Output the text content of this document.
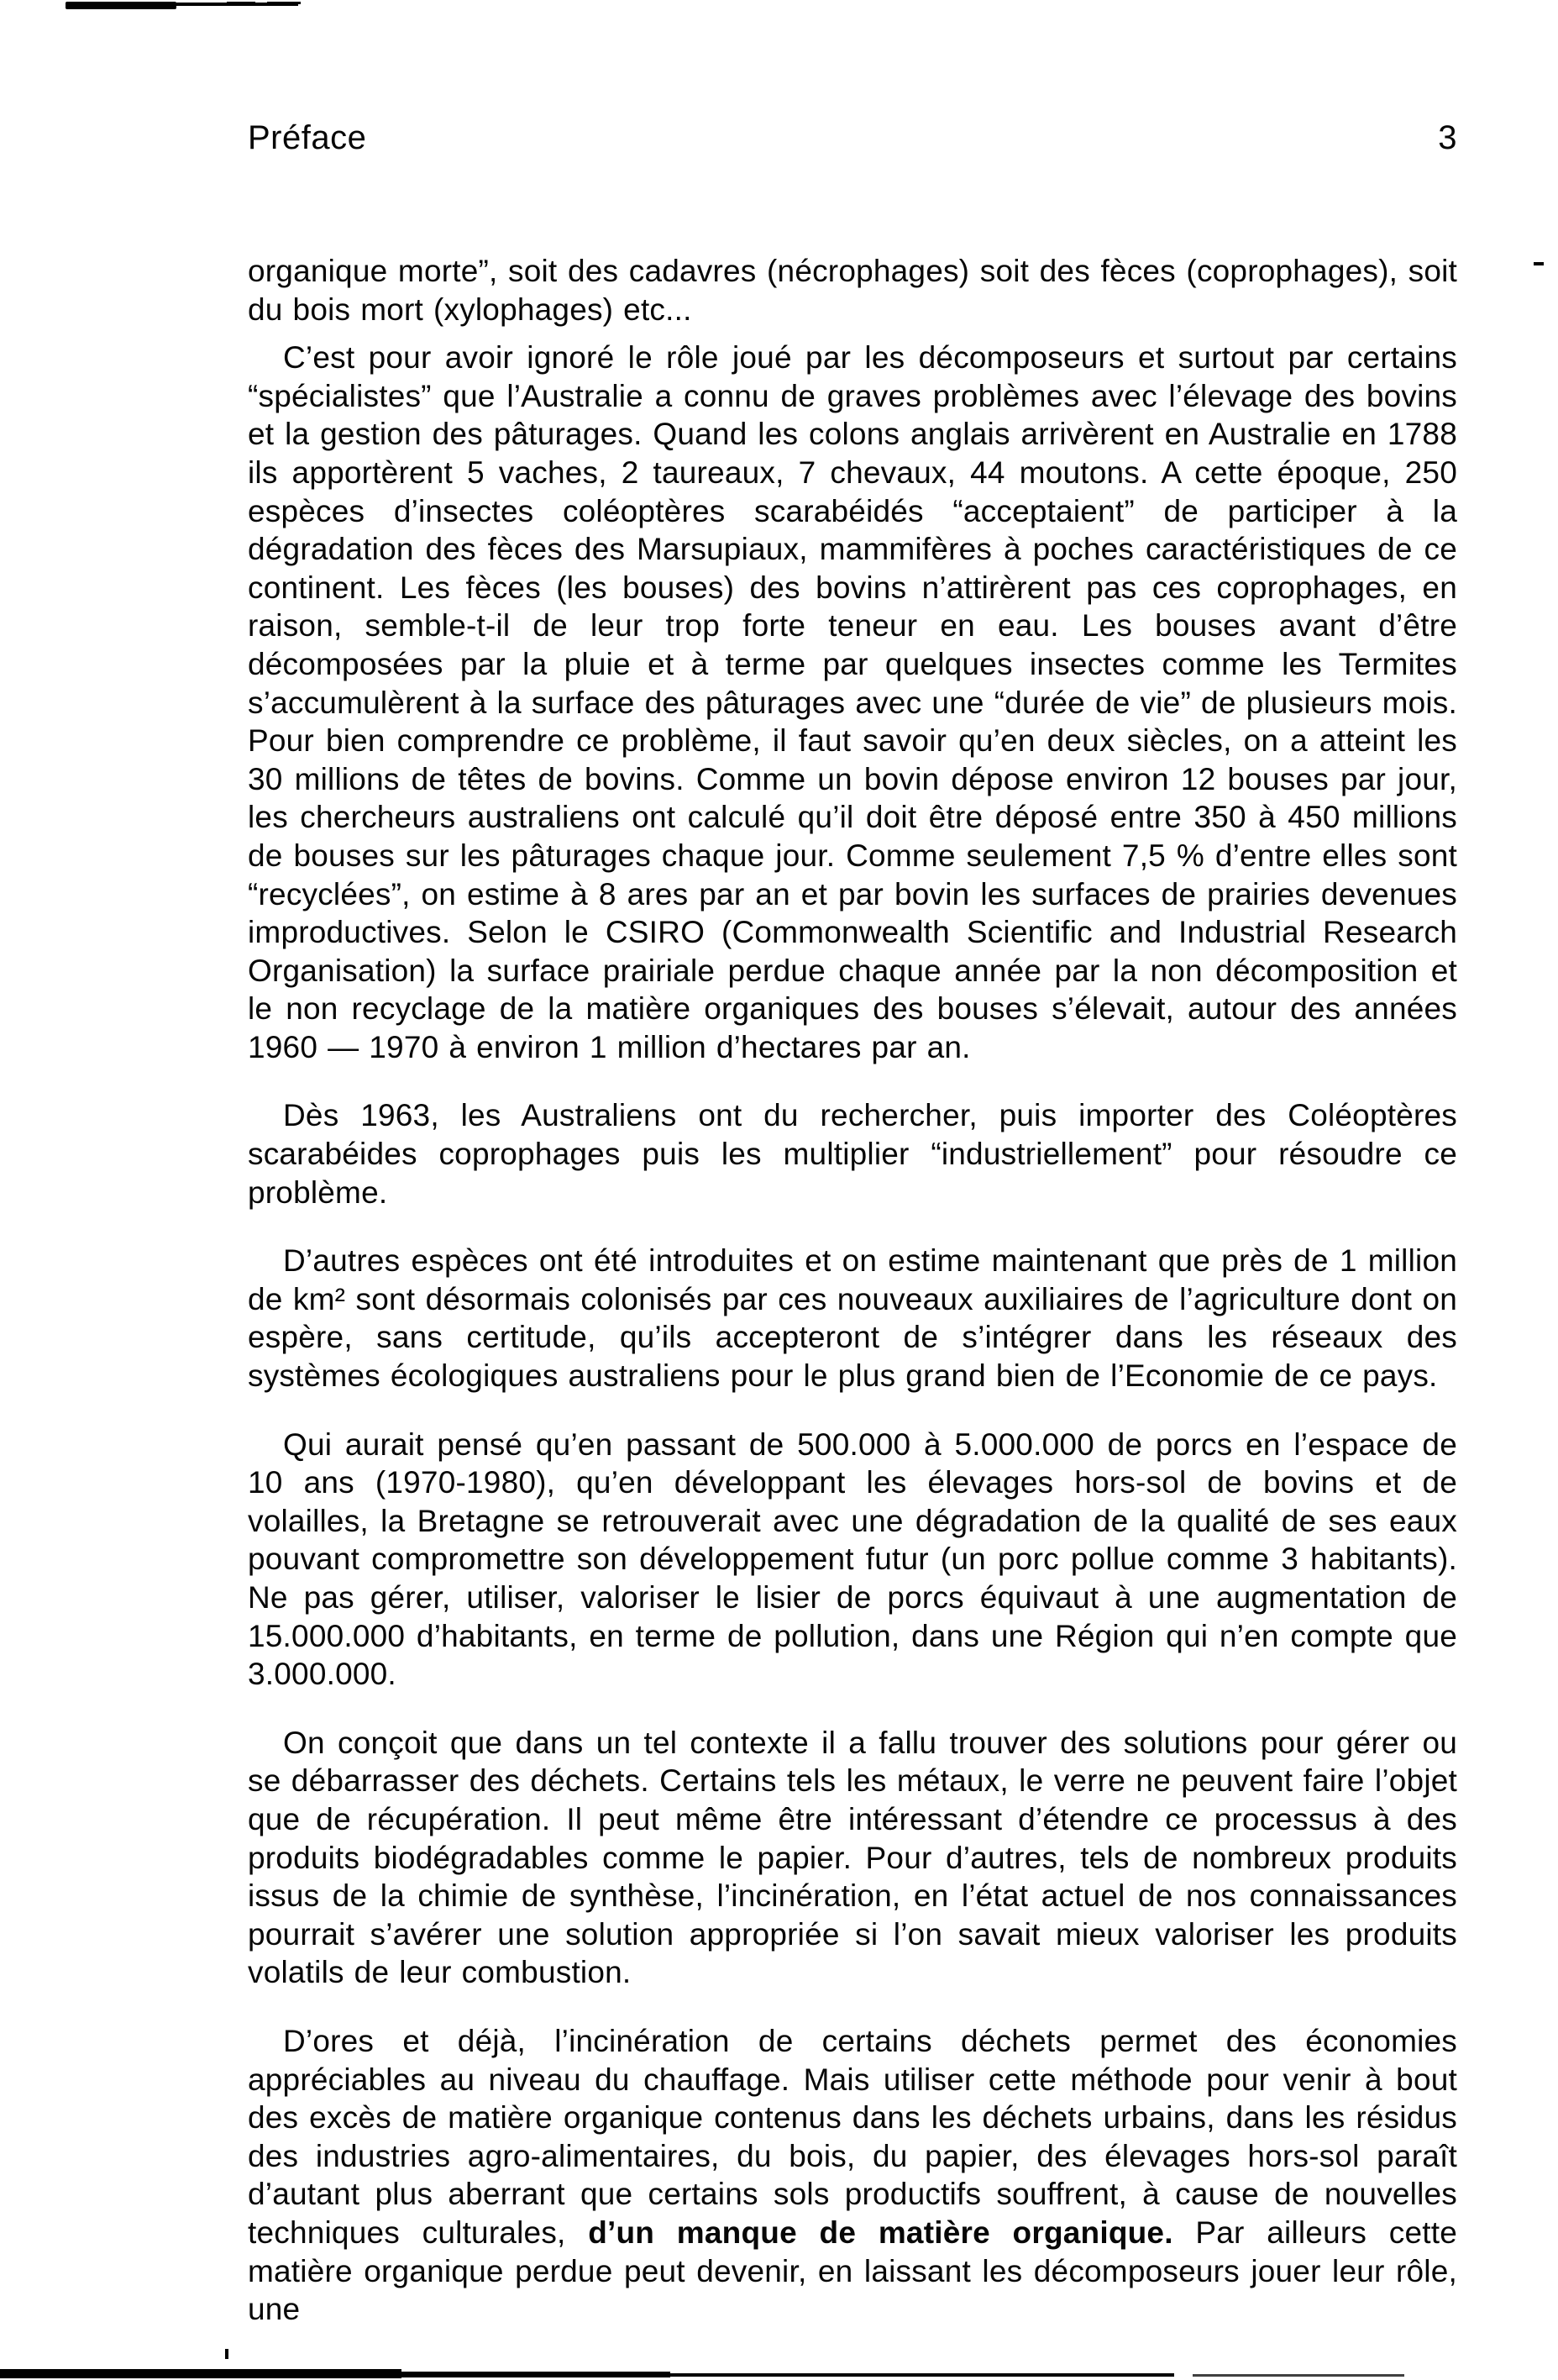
Préface	3

organique morte”, soit des cadavres (nécrophages) soit des fèces (coprophages), soit du bois mort (xylophages) etc...

C’est pour avoir ignoré le rôle joué par les décomposeurs et surtout par certains “spécialistes” que l’Australie a connu de graves problèmes avec l’élevage des bovins et la gestion des pâturages. Quand les colons anglais arrivèrent en Australie en 1788 ils apportèrent 5 vaches, 2 taureaux, 7 chevaux, 44 moutons. A cette époque, 250 espèces d’insectes coléoptères scarabéidés “acceptaient” de participer à la dégradation des fèces des Marsupiaux, mammifères à poches caractéristiques de ce continent. Les fèces (les bouses) des bovins n’attirèrent pas ces coprophages, en raison, semble-t-il de leur trop forte teneur en eau. Les bouses avant d’être décomposées par la pluie et à terme par quelques insectes comme les Termites s’accumulèrent à la surface des pâturages avec une “durée de vie” de plusieurs mois. Pour bien comprendre ce problème, il faut savoir qu’en deux siècles, on a atteint les 30 millions de têtes de bovins. Comme un bovin dépose environ 12 bouses par jour, les chercheurs australiens ont calculé qu’il doit être déposé entre 350 à 450 millions de bouses sur les pâturages chaque jour. Comme seulement 7,5 % d’entre elles sont “recyclées”, on estime à 8 ares par an et par bovin les surfaces de prairies devenues improductives. Selon le CSIRO (Commonwealth Scientific and Industrial Research Organisation) la surface prairiale perdue chaque année par la non décomposition et le non recyclage de la matière organiques des bouses s’élevait, autour des années 1960 — 1970 à environ 1 million d’hectares par an.

Dès 1963, les Australiens ont du rechercher, puis importer des Coléoptères scarabéides coprophages puis les multiplier “industriellement” pour résoudre ce problème.

D’autres espèces ont été introduites et on estime maintenant que près de 1 million de km² sont désormais colonisés par ces nouveaux auxiliaires de l’agriculture dont on espère, sans certitude, qu’ils accepteront de s’intégrer dans les réseaux des systèmes écologiques australiens pour le plus grand bien de l’Economie de ce pays.

Qui aurait pensé qu’en passant de 500.000 à 5.000.000 de porcs en l’espace de 10 ans (1970-1980), qu’en développant les élevages hors-sol de bovins et de volailles, la Bretagne se retrouverait avec une dégradation de la qualité de ses eaux pouvant compromettre son développement futur (un porc pollue comme 3 habitants). Ne pas gérer, utiliser, valoriser le lisier de porcs équivaut à une augmentation de 15.000.000 d’habitants, en terme de pollution, dans une Région qui n’en compte que 3.000.000.

On conçoit que dans un tel contexte il a fallu trouver des solutions pour gérer ou se débarrasser des déchets. Certains tels les métaux, le verre ne peuvent faire l’objet que de récupération. Il peut même être intéressant d’étendre ce processus à des produits biodégradables comme le papier. Pour d’autres, tels de nombreux produits issus de la chimie de synthèse, l’incinération, en l’état actuel de nos connaissances pourrait s’avérer une solution appropriée si l’on savait mieux valoriser les produits volatils de leur combustion.

D’ores et déjà, l’incinération de certains déchets permet des économies appréciables au niveau du chauffage. Mais utiliser cette méthode pour venir à bout des excès de matière organique contenus dans les déchets urbains, dans les résidus des industries agro-alimentaires, du bois, du papier, des élevages hors-sol paraît d’autant plus aberrant que certains sols productifs souffrent, à cause de nouvelles techniques culturales, d’un manque de matière organique. Par ailleurs cette matière organique perdue peut devenir, en laissant les décomposeurs jouer leur rôle, une
